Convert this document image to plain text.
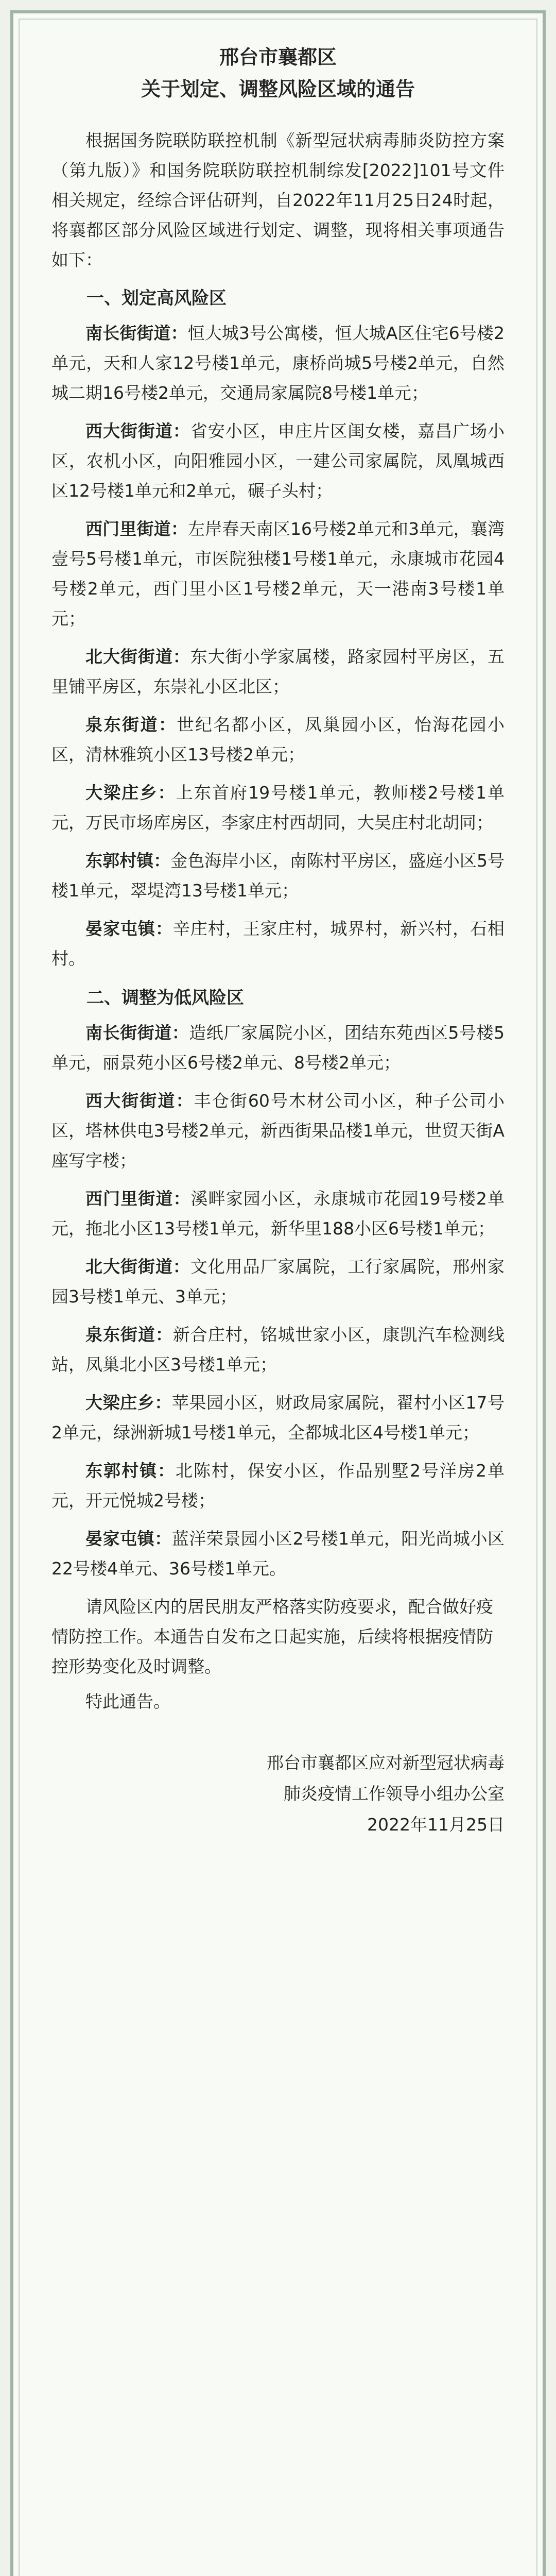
邢台市襄都区

关于划定、调整风险区域的通告

根据国务院联防联控机制《新型冠状病毒肺炎防控方案（第九版）》和国务院联防联控机制综发[2022]101号文件相关规定，经综合评估研判，自2022年11月25日24时起，将襄都区部分风险区域进行划定、调整，现将相关事项通告如下：

一、划定高风险区

南长街街道：恒大城3号公寓楼，恒大城A区住宅6号楼2单元，天和人家12号楼1单元，康桥尚城5号楼2单元，自然城二期16号楼2单元，交通局家属院8号楼1单元；

西大街街道：省安小区，申庄片区闺女楼，嘉昌广场小区，农机小区，向阳雅园小区，一建公司家属院，凤凰城西区12号楼1单元和2单元，碾子头村；

西门里街道：左岸春天南区16号楼2单元和3单元，襄湾壹号5号楼1单元，市医院独楼1号楼1单元，永康城市花园4号楼2单元，西门里小区1号楼2单元，天一港南3号楼1单元；

北大街街道：东大街小学家属楼，路家园村平房区，五里铺平房区，东崇礼小区北区；

泉东街道：世纪名都小区，凤巢园小区，怡海花园小区，清林雅筑小区13号楼2单元；

大梁庄乡：上东首府19号楼1单元，教师楼2号楼1单元，万民市场库房区，李家庄村西胡同，大吴庄村北胡同；

东郭村镇：金色海岸小区，南陈村平房区，盛庭小区5号楼1单元，翠堤湾13号楼1单元；

晏家屯镇：辛庄村，王家庄村，城界村，新兴村，石相村。

二、调整为低风险区

南长街街道：造纸厂家属院小区，团结东苑西区5号楼5单元，丽景苑小区6号楼2单元、8号楼2单元；

西大街街道：丰仓街60号木材公司小区，种子公司小区，塔林供电3号楼2单元，新西街果品楼1单元，世贸天街A座写字楼；

西门里街道：溪畔家园小区，永康城市花园19号楼2单元，拖北小区13号楼1单元，新华里188小区6号楼1单元；

北大街街道：文化用品厂家属院，工行家属院，邢州家园3号楼1单元、3单元；

泉东街道：新合庄村，铭城世家小区，康凯汽车检测线站，凤巢北小区3号楼1单元；

大梁庄乡：苹果园小区，财政局家属院，翟村小区17号2单元，绿洲新城1号楼1单元，全都城北区4号楼1单元；

东郭村镇：北陈村，保安小区，作品别墅2号洋房2单元，开元悦城2号楼；

晏家屯镇：蓝洋荣景园小区2号楼1单元，阳光尚城小区22号楼4单元、36号楼1单元。

请风险区内的居民朋友严格落实防疫要求，配合做好疫情防控工作。本通告自发布之日起实施，后续将根据疫情防控形势变化及时调整。

特此通告。

邢台市襄都区应对新型冠状病毒
肺炎疫情工作领导小组办公室
2022年11月25日
